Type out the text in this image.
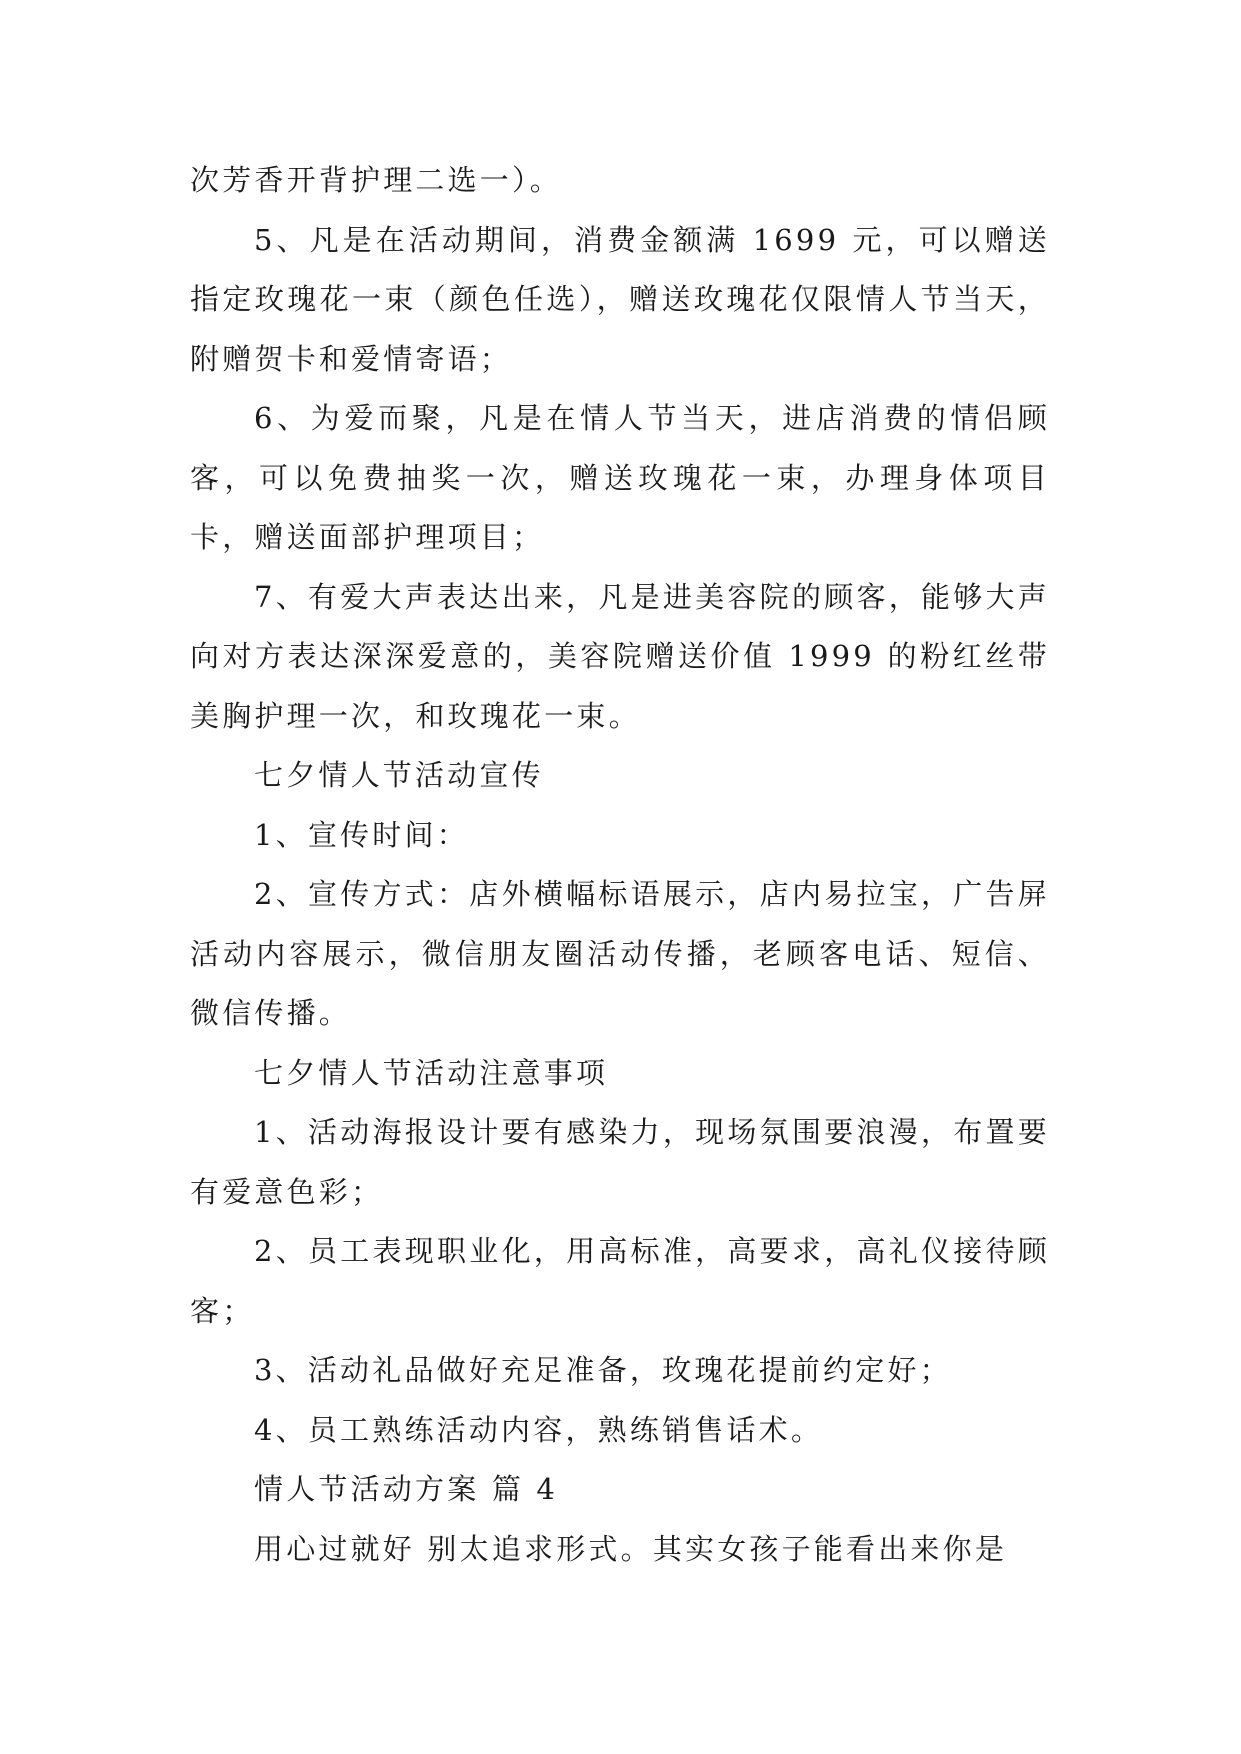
次芳香开背护理二选一）。

5、凡是在活动期间，消费金额满 1699 元，可以赠送指定玫瑰花一束（颜色任选），赠送玫瑰花仅限情人节当天，附赠贺卡和爱情寄语；

6、为爱而聚，凡是在情人节当天，进店消费的情侣顾客，可以免费抽奖一次，赠送玫瑰花一束，办理身体项目卡，赠送面部护理项目；

7、有爱大声表达出来，凡是进美容院的顾客，能够大声向对方表达深深爱意的，美容院赠送价值 1999 的粉红丝带美胸护理一次，和玫瑰花一束。

七夕情人节活动宣传

1、宣传时间：

2、宣传方式：店外横幅标语展示，店内易拉宝，广告屏活动内容展示，微信朋友圈活动传播，老顾客电话、短信、微信传播。

七夕情人节活动注意事项

1、活动海报设计要有感染力，现场氛围要浪漫，布置要有爱意色彩；

2、员工表现职业化，用高标准，高要求，高礼仪接待顾客；

3、活动礼品做好充足准备，玫瑰花提前约定好；

4、员工熟练活动内容，熟练销售话术。

情人节活动方案 篇 4

用心过就好 别太追求形式。其实女孩子能看出来你是
